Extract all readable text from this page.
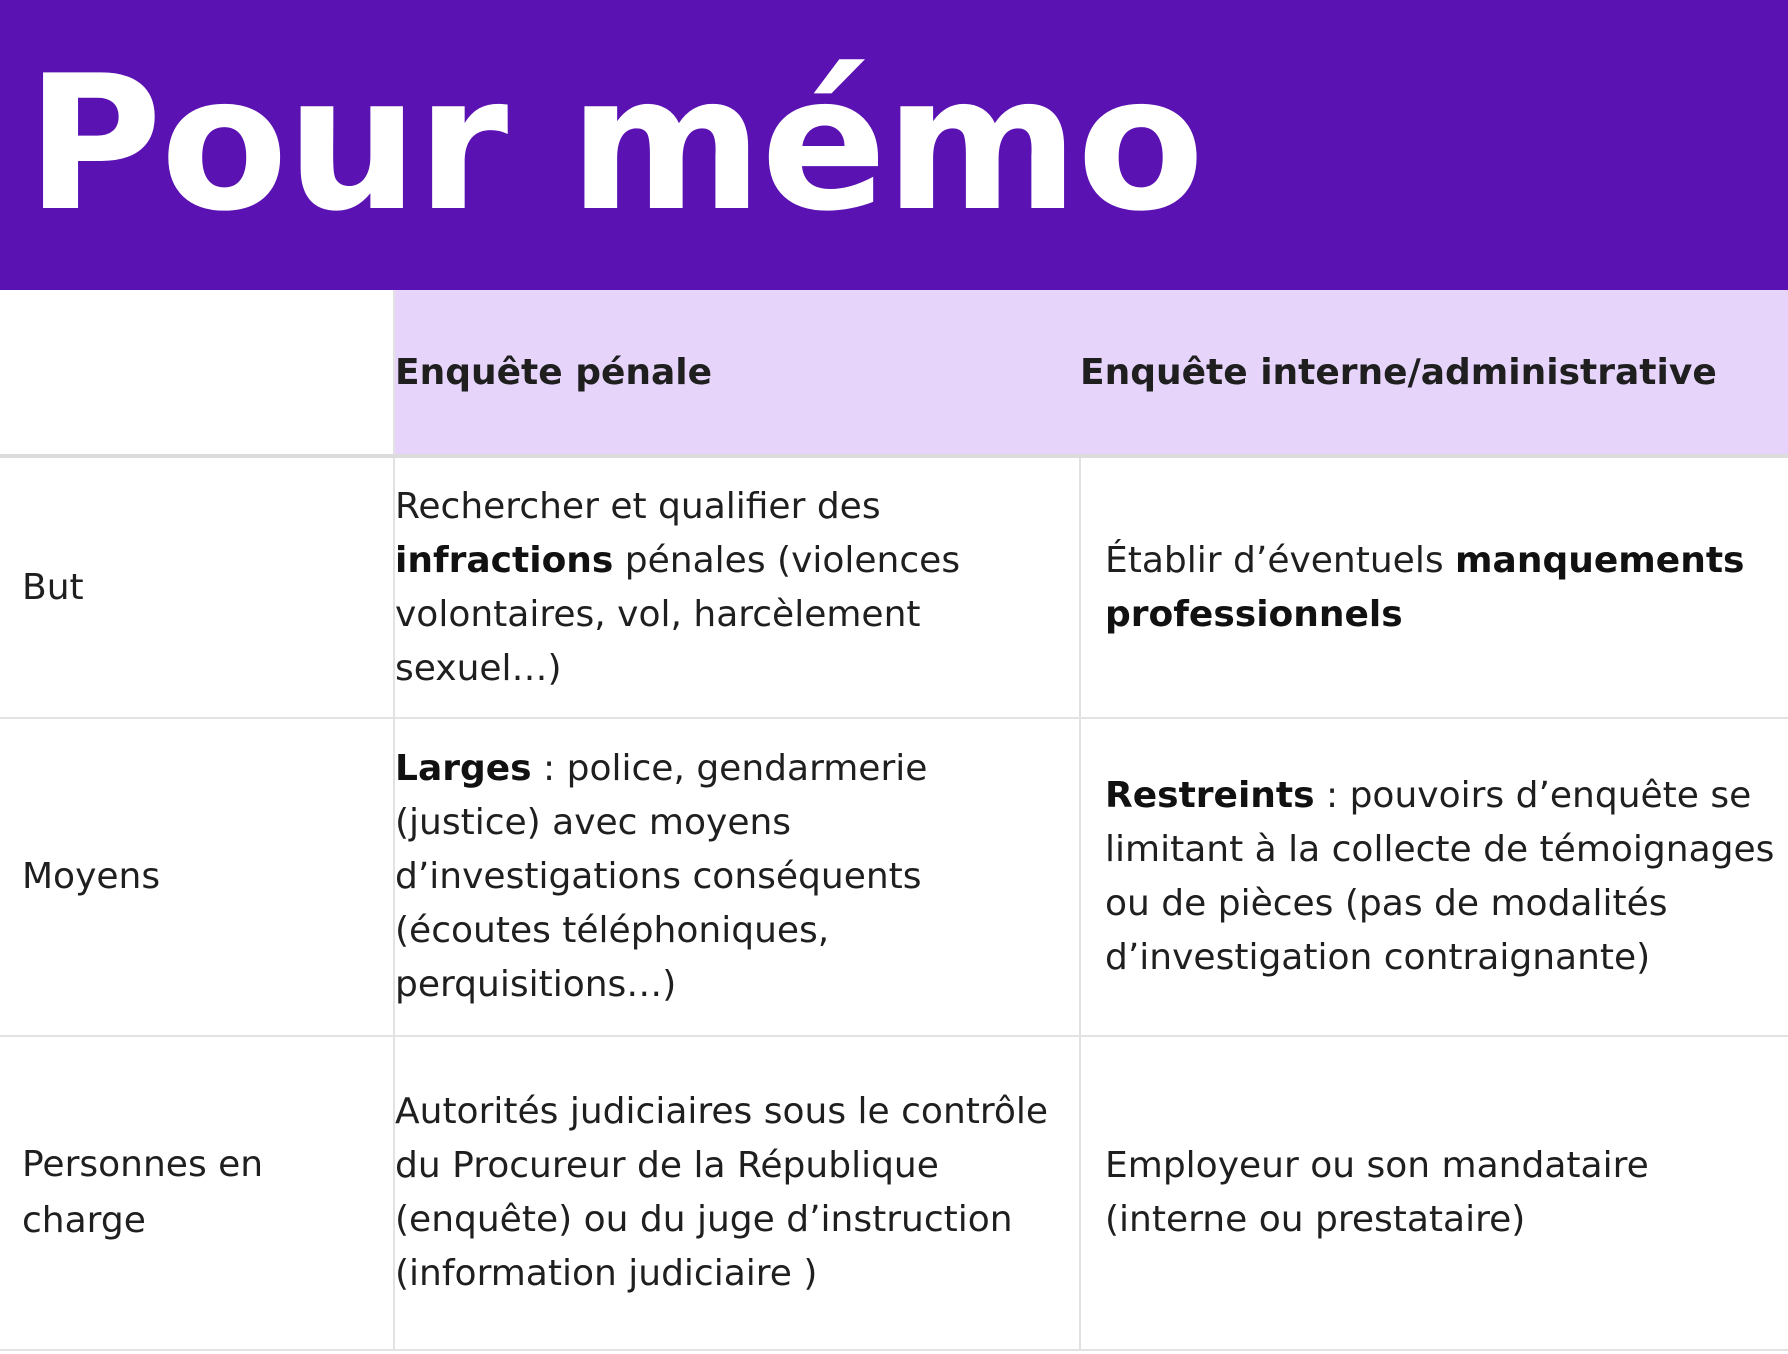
Pour mémo
	Enquête pénale	Enquête interne/administrative
But	Rechercher et qualifier des infractions pénales (violences volontaires, vol, harcèlement sexuel…)	Établir d’éventuels manquements professionnels
Moyens	Larges : police, gendarmerie (justice) avec moyens d’investigations conséquents (écoutes téléphoniques, perquisitions…)	Restreints : pouvoirs d’enquête se limitant à la collecte de témoignages ou de pièces (pas de modalités d’investigation contraignante)
Personnes en charge	Autorités judiciaires sous le contrôle du Procureur de la République (enquête) ou du juge d’instruction (information judiciaire )	Employeur ou son mandataire (interne ou prestataire)
